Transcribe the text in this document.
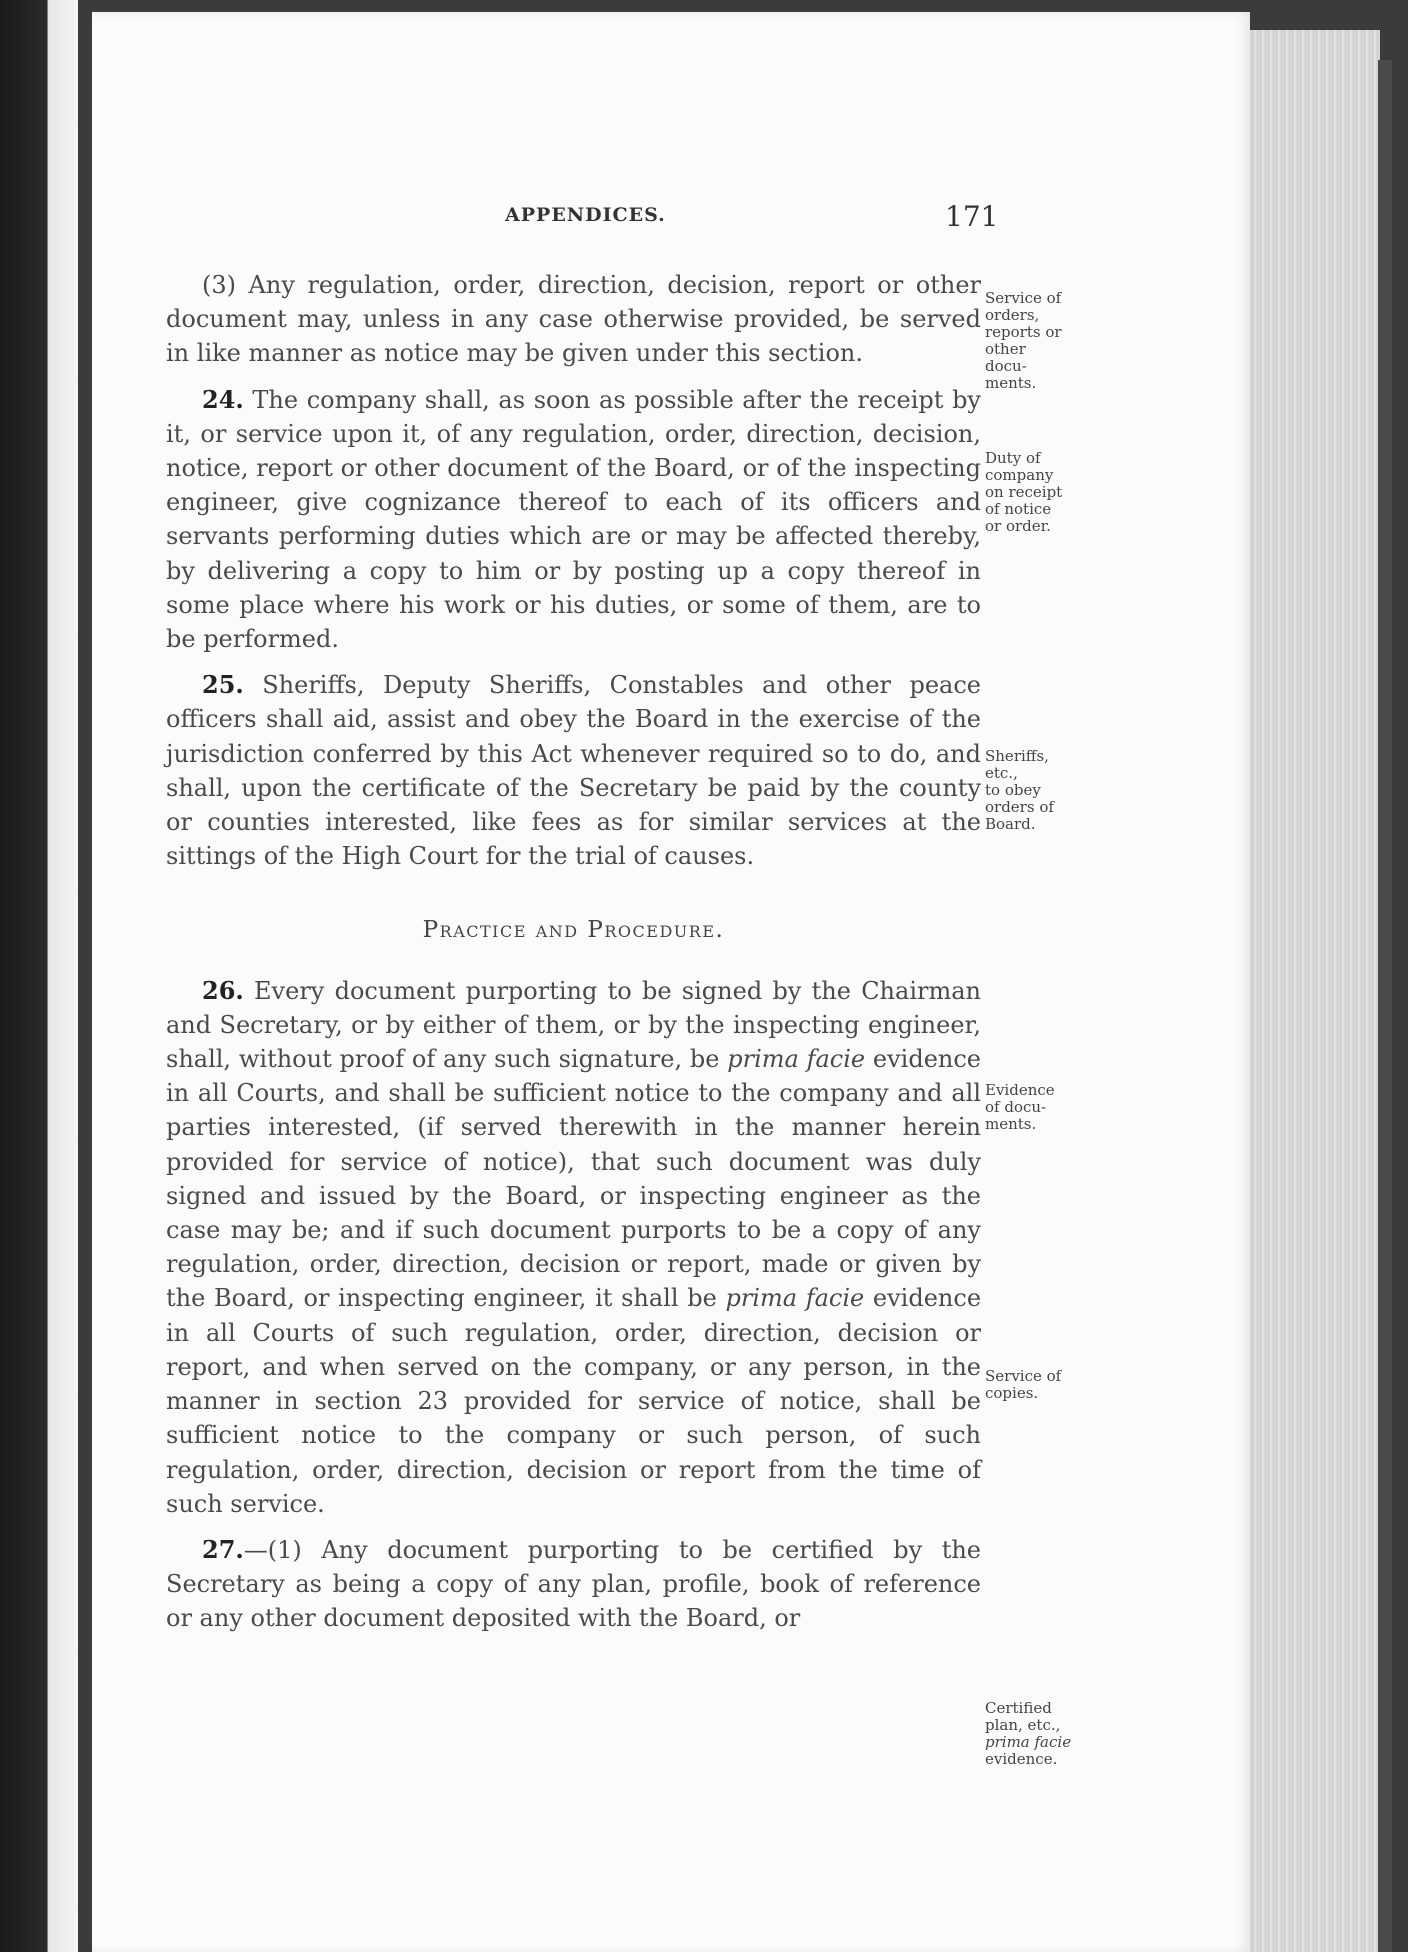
APPENDICES.	171

(3) Any regulation, order, direction, decision, report or other document may, unless in any case otherwise provided, be served in like manner as notice may be given under this section.

24. The company shall, as soon as possible after the receipt by it, or service upon it, of any regulation, order, direction, decision, notice, report or other document of the Board, or of the inspecting engineer, give cognizance thereof to each of its officers and servants performing duties which are or may be affected thereby, by delivering a copy to him or by posting up a copy thereof in some place where his work or his duties, or some of them, are to be performed.

25. Sheriffs, Deputy Sheriffs, Constables and other peace officers shall aid, assist and obey the Board in the exercise of the jurisdiction conferred by this Act whenever required so to do, and shall, upon the certificate of the Secretary be paid by the county or counties interested, like fees as for similar services at the sittings of the High Court for the trial of causes.

Practice and Procedure.

26. Every document purporting to be signed by the Chairman and Secretary, or by either of them, or by the inspecting engineer, shall, without proof of any such signature, be prima facie evidence in all Courts, and shall be sufficient notice to the company and all parties interested, (if served therewith in the manner herein provided for service of notice), that such document was duly signed and issued by the Board, or inspecting engineer as the case may be; and if such document purports to be a copy of any regulation, order, direction, decision or report, made or given by the Board, or inspecting engineer, it shall be prima facie evidence in all Courts of such regulation, order, direction, decision or report, and when served on the company, or any person, in the manner in section 23 provided for service of notice, shall be sufficient notice to the company or such person, of such regulation, order, direction, decision or report from the time of such service.

27.—(1) Any document purporting to be certified by the Secretary as being a copy of any plan, profile, book of reference or any other document deposited with the Board, or

Service of
orders,
reports or
other
docu-
ments.
Duty of
company
on receipt
of notice
or order.
Sheriffs,
etc.,
to obey
orders of
Board.
Evidence
of docu-
ments.
Service of
copies.
Certified
plan, etc.,
prima facie
evidence.
